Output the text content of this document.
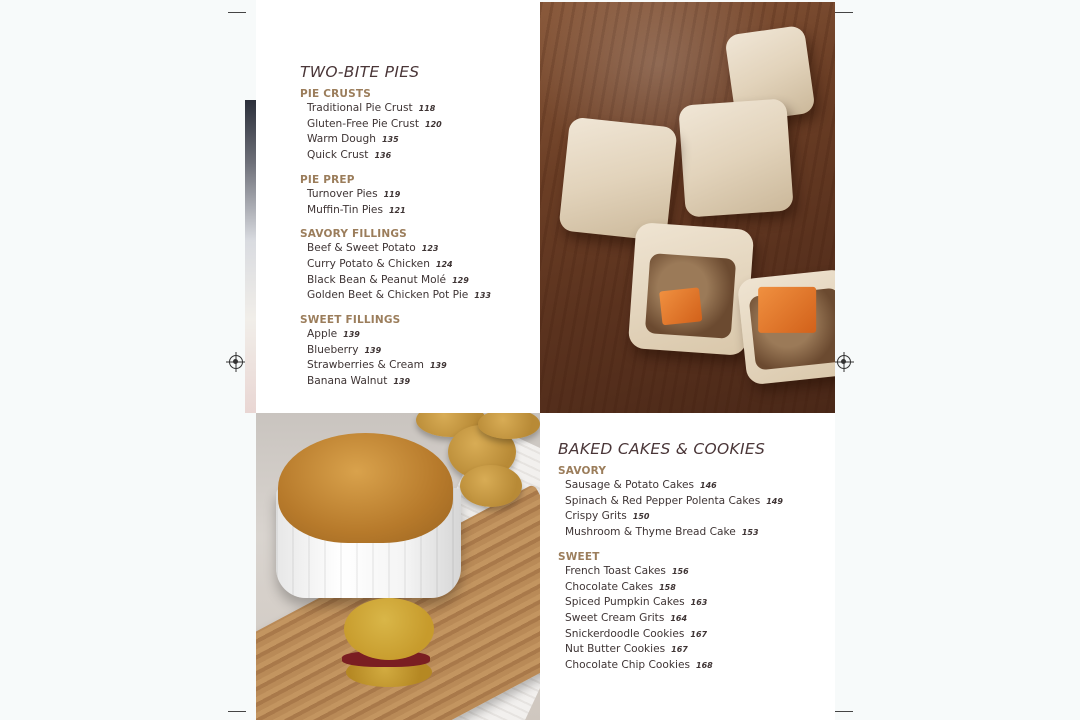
TWO-BITE PIES
PIE CRUSTS
Traditional Pie Crust 118
Gluten-Free Pie Crust 120
Warm Dough 135
Quick Crust 136
PIE PREP
Turnover Pies 119
Muffin-Tin Pies 121
SAVORY FILLINGS
Beef & Sweet Potato 123
Curry Potato & Chicken 124
Black Bean & Peanut Molé 129
Golden Beet & Chicken Pot Pie 133
SWEET FILLINGS
Apple 139
Blueberry 139
Strawberries & Cream 139
Banana Walnut 139
BAKED CAKES & COOKIES
SAVORY
Sausage & Potato Cakes 146
Spinach & Red Pepper Polenta Cakes 149
Crispy Grits 150
Mushroom & Thyme Bread Cake 153
SWEET
French Toast Cakes 156
Chocolate Cakes 158
Spiced Pumpkin Cakes 163
Sweet Cream Grits 164
Snickerdoodle Cookies 167
Nut Butter Cookies 167
Chocolate Chip Cookies 168
